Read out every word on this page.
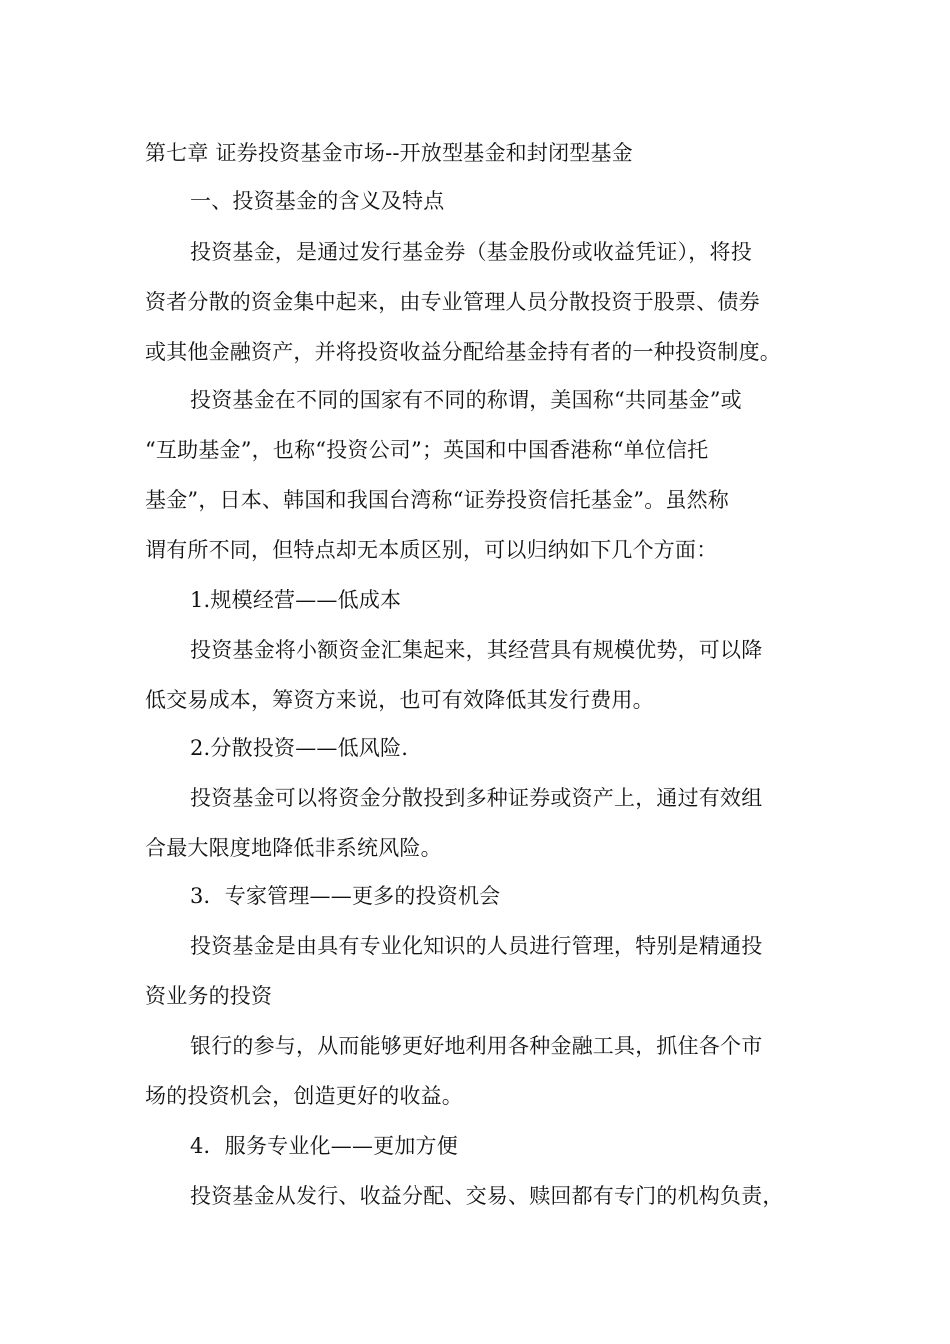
第七章 证券投资基金市场--开放型基金和封闭型基金
一、投资基金的含义及特点
投资基金，是通过发行基金券（基金股份或收益凭证），将投
资者分散的资金集中起来，由专业管理人员分散投资于股票、债券
或其他金融资产，并将投资收益分配给基金持有者的一种投资制度。
投资基金在不同的国家有不同的称谓，美国称“共同基金”或
“互助基金”，也称“投资公司”；英国和中国香港称“单位信托
基金”，日本、韩国和我国台湾称“证券投资信托基金”。虽然称
谓有所不同，但特点却无本质区别，可以归纳如下几个方面：
1.规模经营——低成本
投资基金将小额资金汇集起来，其经营具有规模优势，可以降
低交易成本，筹资方来说，也可有效降低其发行费用。
2.分散投资——低风险.
投资基金可以将资金分散投到多种证券或资产上，通过有效组
合最大限度地降低非系统风险。
3．专家管理——更多的投资机会
投资基金是由具有专业化知识的人员进行管理，特别是精通投
资业务的投资
银行的参与，从而能够更好地利用各种金融工具，抓住各个市
场的投资机会，创造更好的收益。
4．服务专业化——更加方便
投资基金从发行、收益分配、交易、赎回都有专门的机构负责，
